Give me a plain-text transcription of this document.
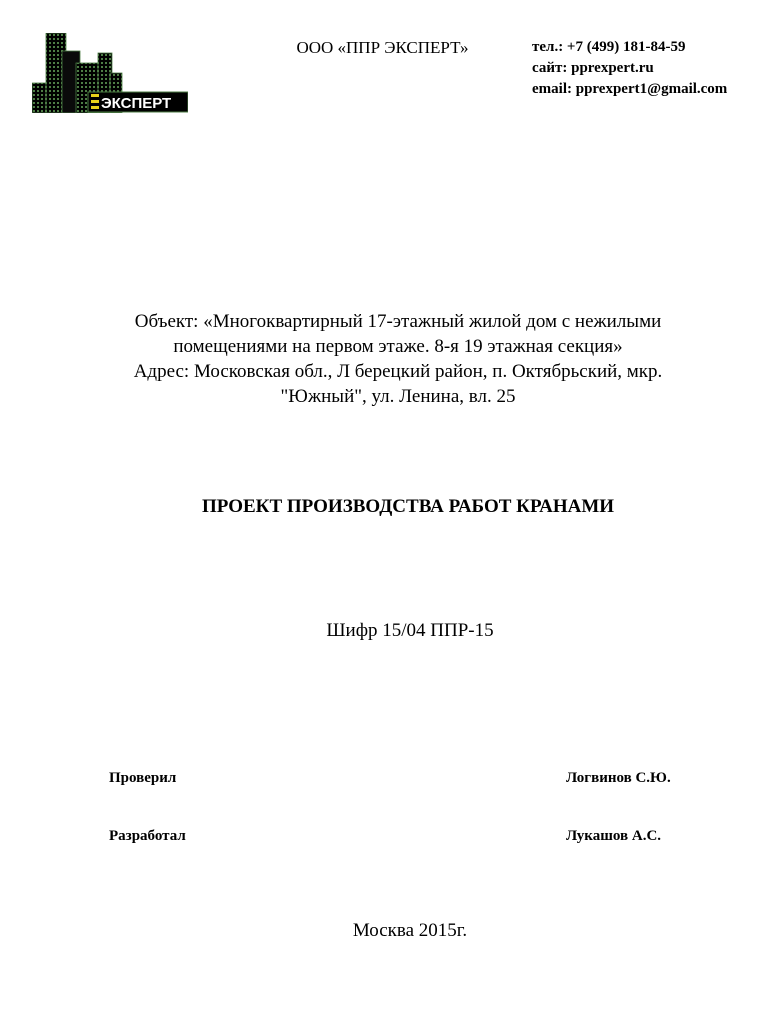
ЭКСПЕРТ
ООО «ППР ЭКСПЕРТ»	тел.: +7 (499) 181-84-59
сайт: pprexpert.ru
email: pprexpert1@gmail.com
Объект: «Многоквартирный 17-этажный жилой дом с нежилыми
помещениями на первом этаже. 8-я 19 этажная секция»
Адрес: Московская обл., Л берецкий район, п. Октябрьский, мкр.
"Южный", ул. Ленина, вл. 25
ПРОЕКТ ПРОИЗВОДСТВА РАБОТ КРАНАМИ
Шифр 15/04 ППР-15
Проверил	Логвинов С.Ю.
Разработал	Лукашов А.С.
Москва 2015г.
